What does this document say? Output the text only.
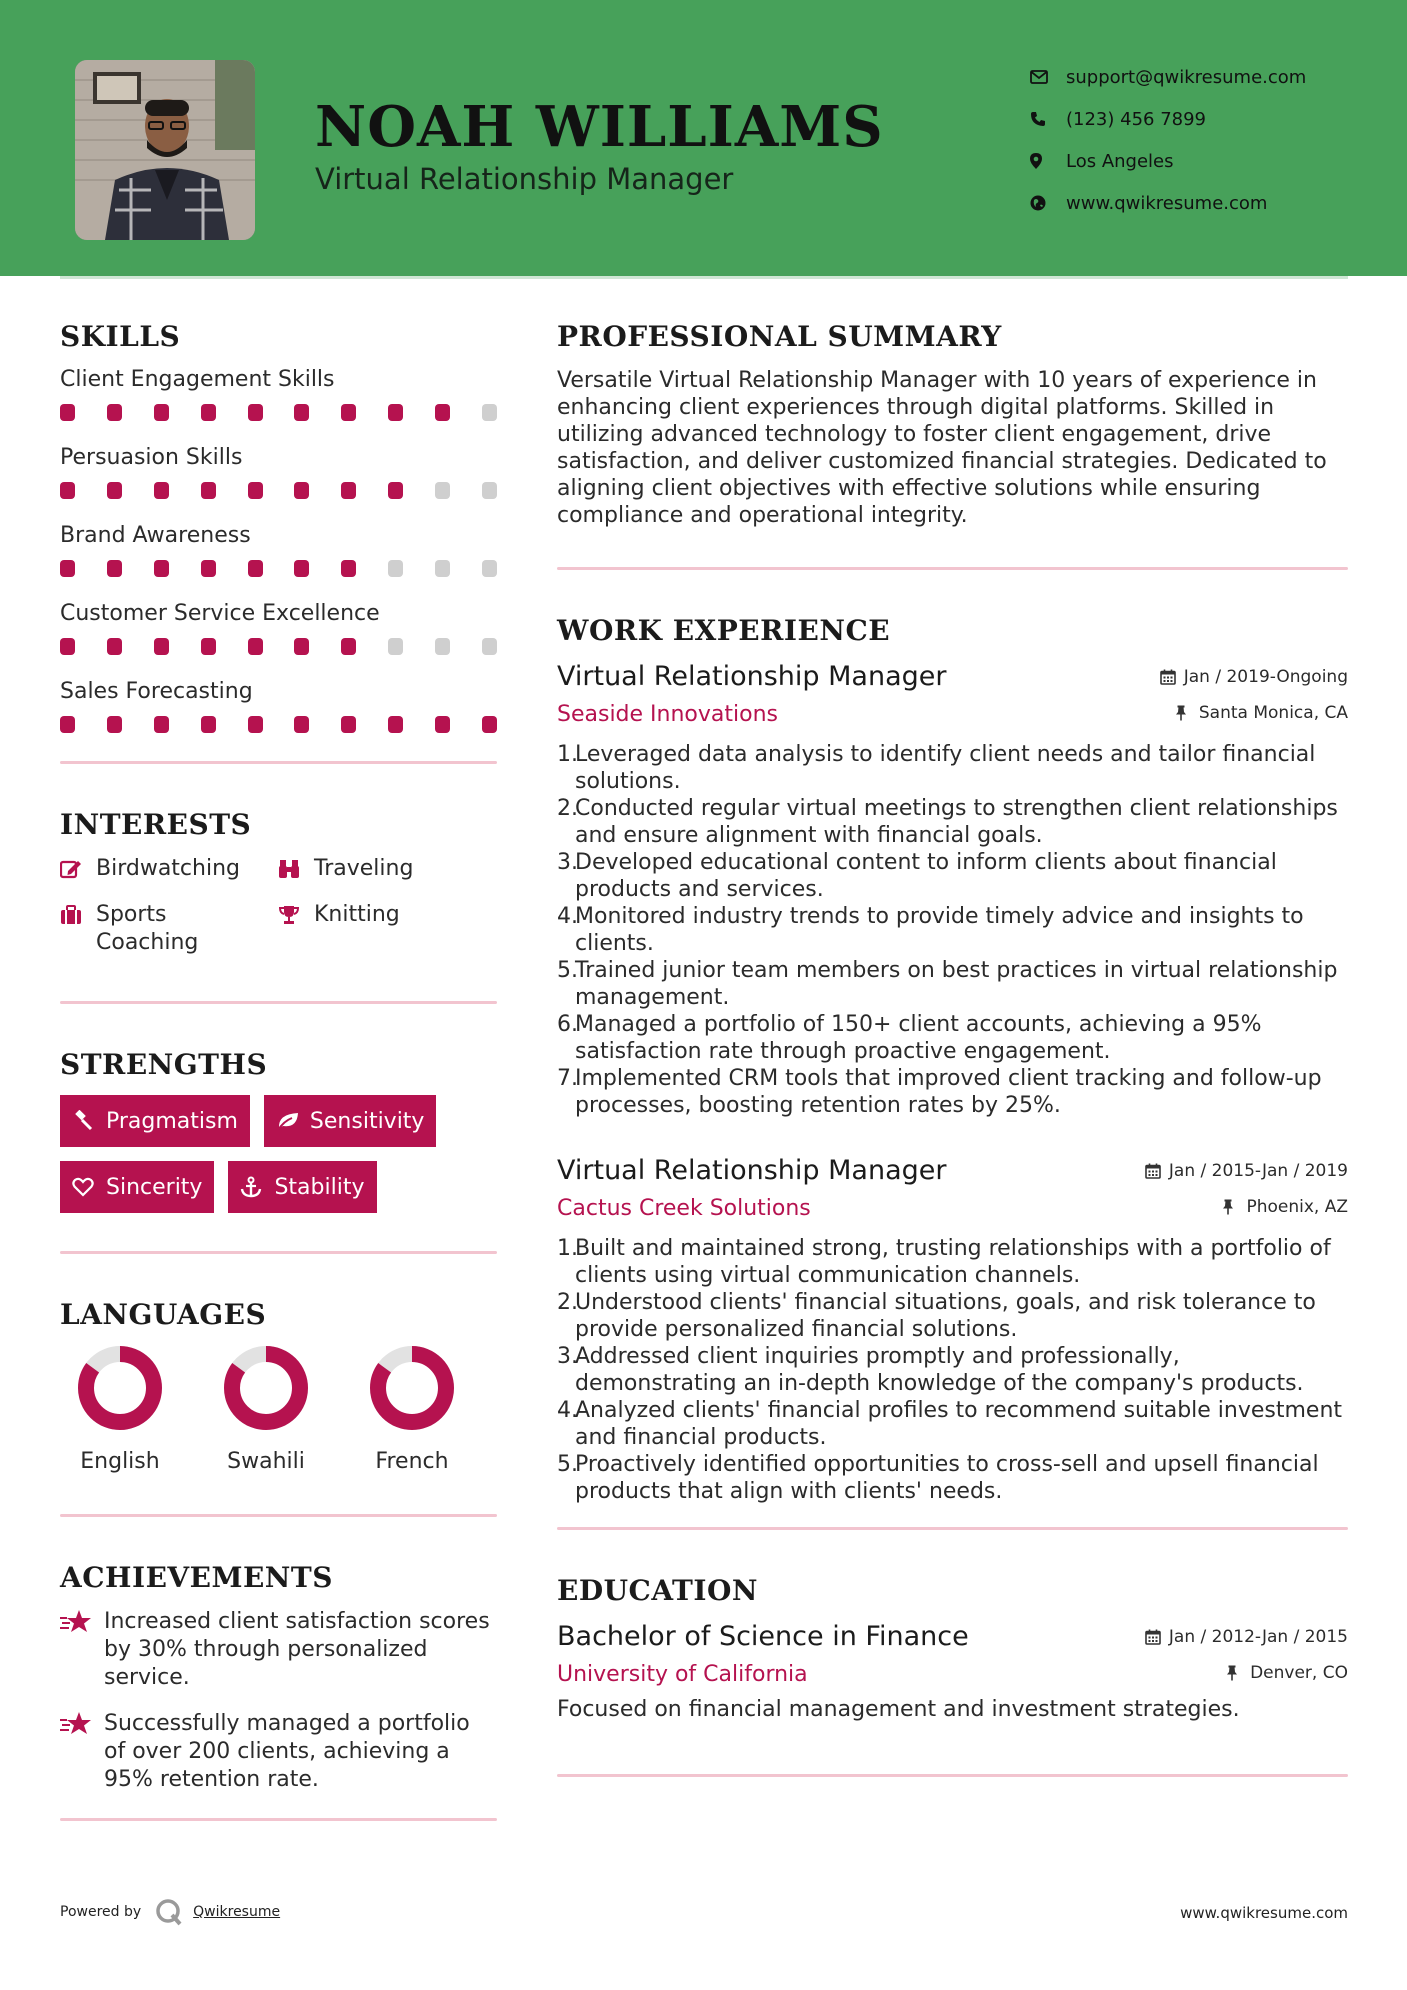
NOAH WILLIAMS
Virtual Relationship Manager
support@qwikresume.com
(123) 456 7899
Los Angeles
www.qwikresume.com
SKILLS
Client Engagement Skills
Persuasion Skills
Brand Awareness
Customer Service Excellence
Sales Forecasting
INTERESTS
Birdwatching	Traveling
Sports Coaching
Knitting
STRENGTHS
Pragmatism	Sensitivity
Sincerity	Stability
LANGUAGES
English	Swahili	French
ACHIEVEMENTS
Increased client satisfaction scores by 30% through personalized service.
Successfully managed a portfolio of over 200 clients, achieving a 95% retention rate.
PROFESSIONAL SUMMARY
Versatile Virtual Relationship Manager with 10 years of experience in enhancing client experiences through digital platforms. Skilled in utilizing advanced technology to foster client engagement, drive satisfaction, and deliver customized financial strategies. Dedicated to aligning client objectives with effective solutions while ensuring compliance and operational integrity.
WORK EXPERIENCE
Virtual Relationship Manager	Jan / 2019-Ongoing
Seaside Innovations	Santa Monica, CA
1.
Leveraged data analysis to identify client needs and tailor financial solutions.
2.
Conducted regular virtual meetings to strengthen client relationships and ensure alignment with financial goals.
3.
Developed educational content to inform clients about financial products and services.
4.
Monitored industry trends to provide timely advice and insights to clients.
5.
Trained junior team members on best practices in virtual relationship management.
6.
Managed a portfolio of 150+ client accounts, achieving a 95% satisfaction rate through proactive engagement.
7.
Implemented CRM tools that improved client tracking and follow-up processes, boosting retention rates by 25%.
Virtual Relationship Manager	Jan / 2015-Jan / 2019
Cactus Creek Solutions	Phoenix, AZ
1.
Built and maintained strong, trusting relationships with a portfolio of clients using virtual communication channels.
2.
Understood clients' financial situations, goals, and risk tolerance to provide personalized financial solutions.
3.
Addressed client inquiries promptly and professionally, demonstrating an in-depth knowledge of the company's products.
4.
Analyzed clients' financial profiles to recommend suitable investment and financial products.
5.
Proactively identified opportunities to cross-sell and upsell financial products that align with clients' needs.
EDUCATION
Bachelor of Science in Finance	Jan / 2012-Jan / 2015
University of California	Denver, CO
Focused on financial management and investment strategies.
Powered by	Qwikresume	www.qwikresume.com
